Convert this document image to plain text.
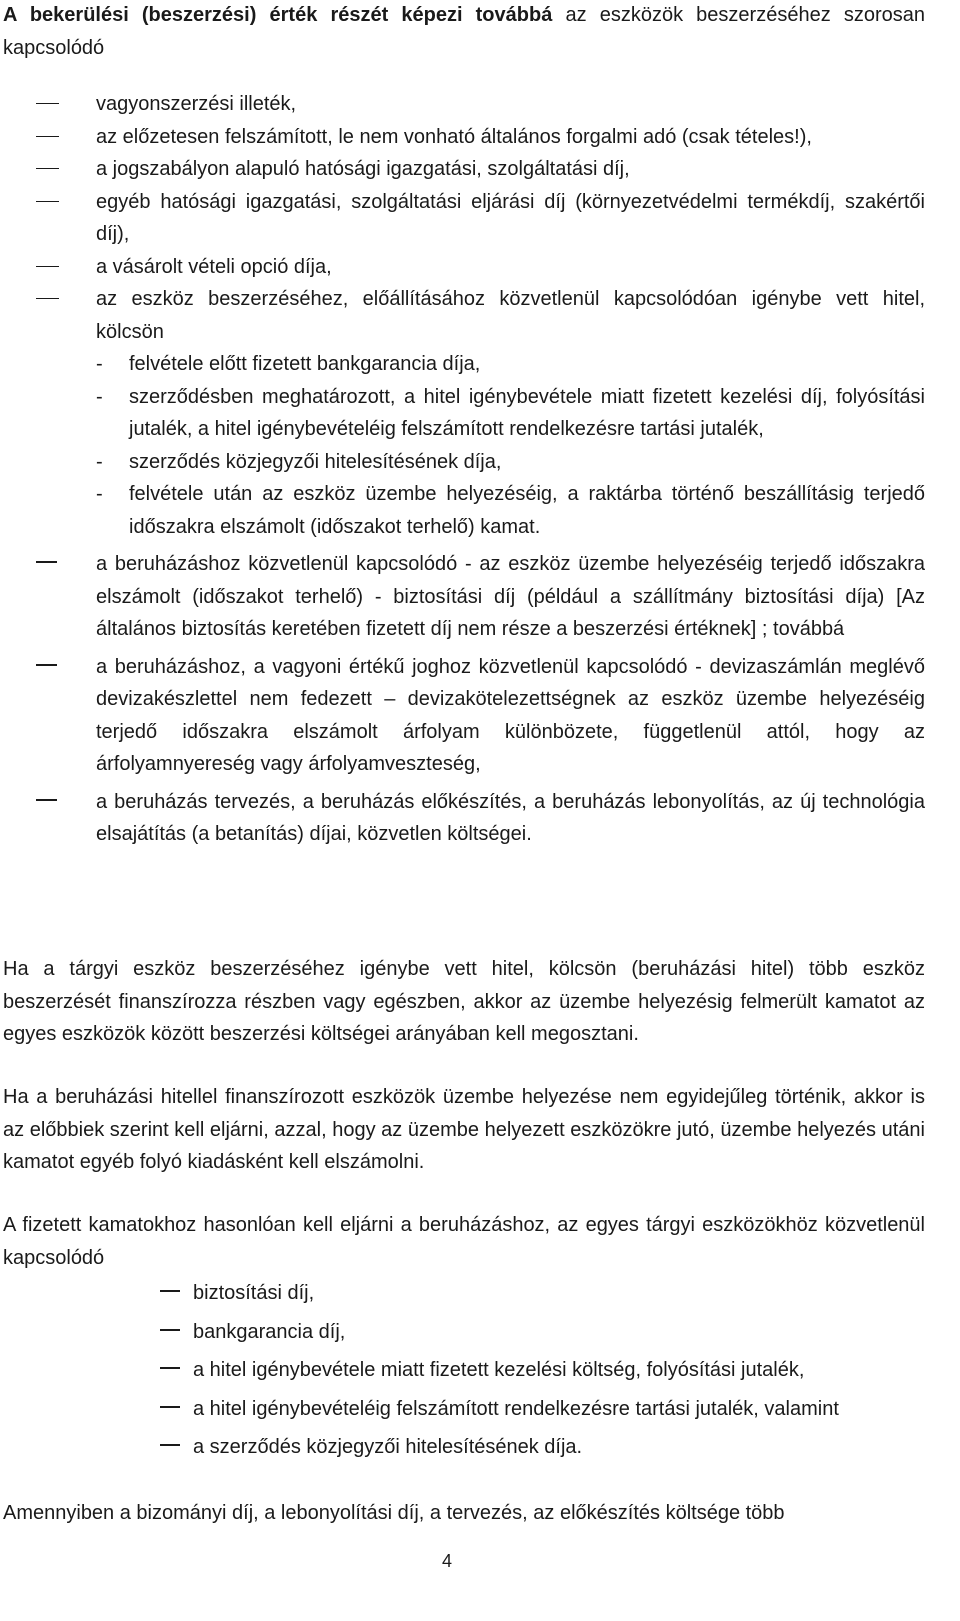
A bekerülési (beszerzési) érték részét képezi továbbá az eszközök beszerzéséhez szorosan kapcsolódó

vagyonszerzési illeték,
az előzetesen felszámított, le nem vonható általános forgalmi adó (csak tételes!),
a jogszabályon alapuló hatósági igazgatási, szolgáltatási díj,
egyéb hatósági igazgatási, szolgáltatási eljárási díj (környezetvédelmi termékdíj, szakértői díj),
a vásárolt vételi opció díja,
az eszköz beszerzéséhez, előállításához közvetlenül kapcsolódóan igénybe vett hitel, kölcsön
- felvétele előtt fizetett bankgarancia díja,
- szerződésben meghatározott, a hitel igénybevétele miatt fizetett kezelési díj, folyósítási jutalék, a hitel igénybevételéig felszámított rendelkezésre tartási jutalék,
- szerződés közjegyzői hitelesítésének díja,
- felvétele után az eszköz üzembe helyezéséig, a raktárba történő beszállításig terjedő időszakra elszámolt (időszakot terhelő) kamat.
a beruházáshoz közvetlenül kapcsolódó - az eszköz üzembe helyezéséig terjedő időszakra elszámolt (időszakot terhelő) - biztosítási díj (például a szállítmány biztosítási díja) [Az általános biztosítás keretében fizetett díj nem része a beszerzési értéknek] ; továbbá
a beruházáshoz, a vagyoni értékű joghoz közvetlenül kapcsolódó - devizaszámlán meglévő devizakészlettel nem fedezett – devizakötelezettségnek az eszköz üzembe helyezéséig terjedő időszakra elszámolt árfolyam különbözete, függetlenül attól, hogy az árfolyamnyereség vagy árfolyamveszteség,
a beruházás tervezés, a beruházás előkészítés, a beruházás lebonyolítás, az új technológia elsajátítás (a betanítás) díjai, közvetlen költségei.

Ha a tárgyi eszköz beszerzéséhez igénybe vett hitel, kölcsön (beruházási hitel) több eszköz beszerzését finanszírozza részben vagy egészben, akkor az üzembe helyezésig felmerült kamatot az egyes eszközök között beszerzési költségei arányában kell megosztani.

Ha a beruházási hitellel finanszírozott eszközök üzembe helyezése nem egyidejűleg történik, akkor is az előbbiek szerint kell eljárni, azzal, hogy az üzembe helyezett eszközökre jutó, üzembe helyezés utáni kamatot egyéb folyó kiadásként kell elszámolni.

A fizetett kamatokhoz hasonlóan kell eljárni a beruházáshoz, az egyes tárgyi eszközökhöz közvetlenül kapcsolódó

biztosítási díj,
bankgarancia díj,
a hitel igénybevétele miatt fizetett kezelési költség, folyósítási jutalék,
a hitel igénybevételéig felszámított rendelkezésre tartási jutalék, valamint
a szerződés közjegyzői hitelesítésének díja.

Amennyiben a bizományi díj, a lebonyolítási díj, a tervezés, az előkészítés költsége több

4
